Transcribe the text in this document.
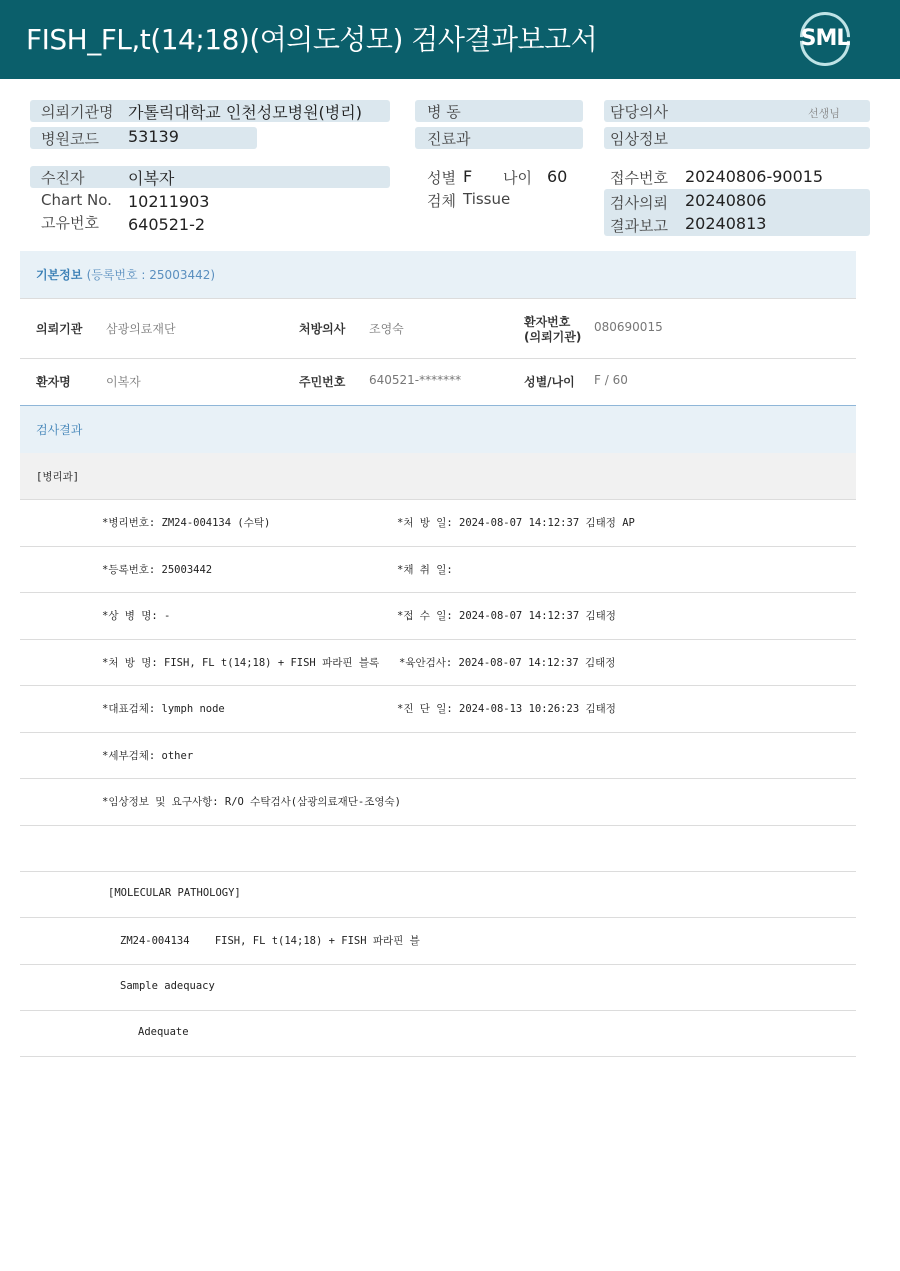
FISH_FL,t(14;18)(여의도성모) 검사결과보고서	SML
의뢰기관명 가톨릭대학교 인천성모병원(병리)
병원코드 53139
병 동
진료과
담당의사	선생님
임상정보
수진자	이복자
Chart No. 10211903
고유번호 640521-2
성별 F 나이 60
검체 Tissue
접수번호 20240806-90015
검사의뢰 20240806
결과보고 20240813
기본정보 (등록번호 : 25003442)
의뢰기관 삼광의료재단	처방의사 조영숙	환자번호
(의뢰기관)
080690015
환자명	이복자	주민번호 640521-*******	성별/나이 F / 60
검사결과
[병리과]
*병리번호: ZM24-004134 (수탁)	*처 방 일: 2024-08-07 14:12:37 김태정 AP
*등록번호: 25003442	*채 취 일:
*상 병 명: -	*접 수 일: 2024-08-07 14:12:37 김태정
*처 방 명: FISH, FL t(14;18) + FISH 파라핀 블록 *육안검사: 2024-08-07 14:12:37 김태정
*대표검체: lymph node	*진 단 일: 2024-08-13 10:26:23 김태정
*세부검체: other
*임상정보 및 요구사항: R/O 수탁검사(삼광의료재단-조영숙)
[MOLECULAR PATHOLOGY]
ZM24-004134    FISH, FL t(14;18) + FISH 파라핀 블
Sample adequacy
Adequate
